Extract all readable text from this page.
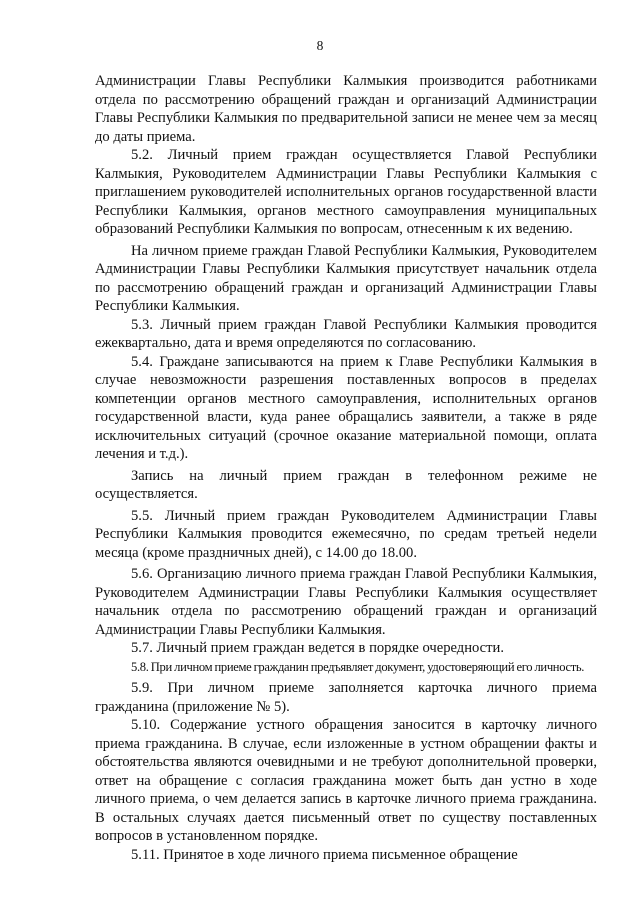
8

Администрации Главы Республики Калмыкия производится работниками отдела по рассмотрению обращений граждан и организаций Администрации Главы Республики Калмыкия по предварительной записи не менее чем за месяц до даты приема.

5.2. Личный прием граждан осуществляется Главой Республики Калмыкия, Руководителем Администрации Главы Республики Калмыкия с приглашением руководителей исполнительных органов государственной власти Республики Калмыкия, органов местного самоуправления муниципальных образований Республики Калмыкия по вопросам, отнесенным к их ведению.

На личном приеме граждан Главой Республики Калмыкия, Руководителем Администрации Главы Республики Калмыкия присутствует начальник отдела по рассмотрению обращений граждан и организаций Администрации Главы Республики Калмыкия.

5.3. Личный прием граждан Главой Республики Калмыкия проводится ежеквартально, дата и время определяются по согласованию.

5.4. Граждане записываются на прием к Главе Республики Калмыкия в случае невозможности разрешения поставленных вопросов в пределах компетенции органов местного самоуправления, исполнительных органов государственной власти, куда ранее обращались заявители, а также в ряде исключительных ситуаций (срочное оказание материальной помощи, оплата лечения и т.д.).

Запись на личный прием граждан в телефонном режиме не осуществляется.

5.5. Личный прием граждан Руководителем Администрации Главы Республики Калмыкия проводится ежемесячно, по средам третьей недели месяца (кроме праздничных дней), с 14.00 до 18.00.

5.6. Организацию личного приема граждан Главой Республики Калмыкия, Руководителем Администрации Главы Республики Калмыкия осуществляет начальник отдела по рассмотрению обращений граждан и организаций Администрации Главы Республики Калмыкия.

5.7. Личный прием граждан ведется в порядке очередности.

5.8. При личном приеме гражданин предъявляет документ, удостоверяющий его личность.

5.9. При личном приеме заполняется карточка личного приема гражданина (приложение № 5).

5.10. Содержание устного обращения заносится в карточку личного приема гражданина. В случае, если изложенные в устном обращении факты и обстоятельства являются очевидными и не требуют дополнительной проверки, ответ на обращение с согласия гражданина может быть дан устно в ходе личного приема, о чем делается запись в карточке личного приема гражданина. В остальных случаях дается письменный ответ по существу поставленных вопросов в установленном порядке.

5.11. Принятое в ходе личного приема письменное обращение
